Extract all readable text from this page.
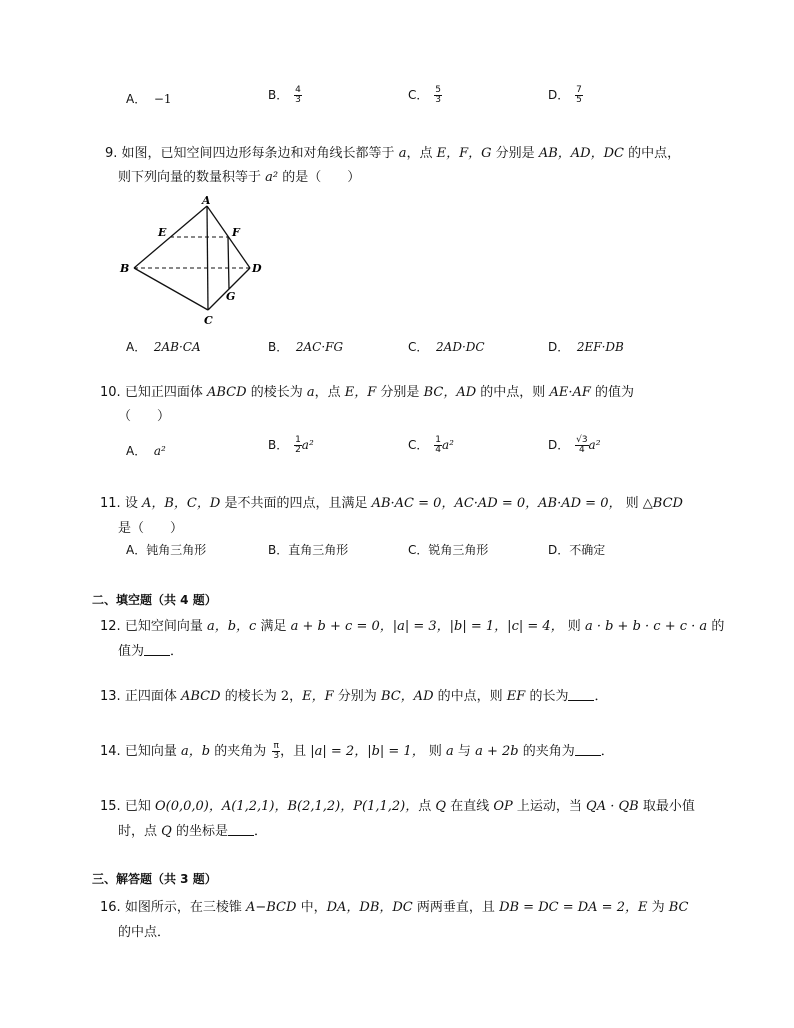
A． −1	B． $\frac{4}{3}$	C． $\frac{5}{3}$	D． $\frac{7}{5}$
9. 如图，已知空间四边形每条边和对角线长都等于 a，点 E，F，G 分别是 AB，AD，DC 的中点，
则下列向量的数量积等于 a² 的是（　　）
A
B
C
D
E	F
G
A． 2AB·CA	B． 2AC·FG	C． 2AD·DC	D． 2EF·DB
10. 已知正四面体 ABCD 的棱长为 a，点 E，F 分别是 BC，AD 的中点，则 AE·AF 的值为
（　　）
A． a²	B． $\frac{1}{2} a^2$	C． $\frac{1}{4} a^2$	D． $\frac{√3}{4} a^2$
11. 设 A，B，C，D 是不共面的四点，且满足 AB·AC = 0，AC·AD = 0，AB·AD = 0， 则 △BCD
是（　　）
A．钝角三角形	B．直角三角形	C．锐角三角形	D．不确定
二、填空题（共 4 题）
12. 已知空间向量 a，b，c 满足 a + b + c = 0，|a| = 3，|b| = 1，|c| = 4， 则 a · b + b · c + c · a 的
值为 ．
13. 正四面体 ABCD 的棱长为 2，E，F 分别为 BC，AD 的中点，则 EF 的长为 ．
14. 已知向量 a，b 的夹角为 $\frac{\pi}{3}$ ，且 |a| = 2，|b| = 1， 则 a 与 a + 2b 的夹角为 ．
15. 已知 O(0,0,0)，A(1,2,1)，B(2,1,2)，P(1,1,2)，点 Q 在直线 OP 上运动，当 QA · QB 取最小值
时，点 Q 的坐标是 ．
三、解答题（共 3 题）
16. 如图所示，在三棱锥 A−BCD 中，DA，DB，DC 两两垂直，且 DB = DC = DA = 2，E 为 BC
的中点．
